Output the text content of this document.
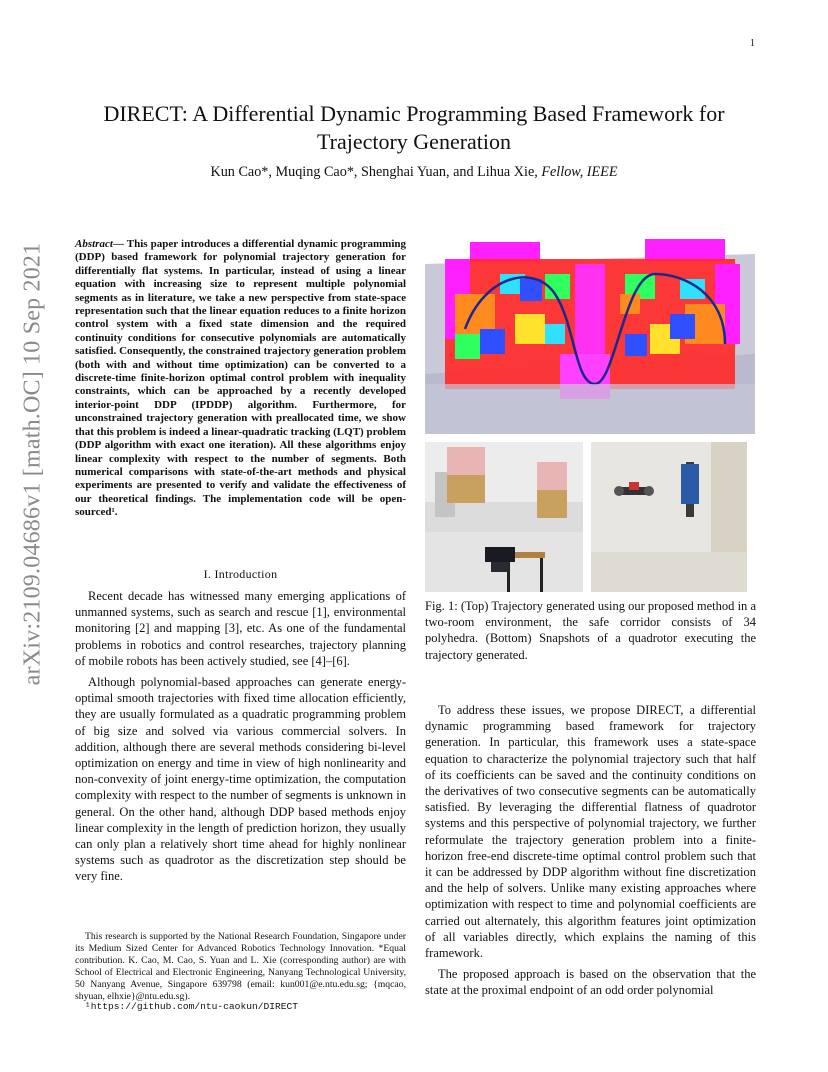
1
arXiv:2109.04686v1 [math.OC] 10 Sep 2021
DIRECT: A Differential Dynamic Programming Based Framework for
Trajectory Generation
Kun Cao*, Muqing Cao*, Shenghai Yuan, and Lihua Xie, Fellow, IEEE
Abstract— This paper introduces a differential dynamic programming (DDP) based framework for polynomial trajectory generation for differentially flat systems. In particular, instead of using a linear equation with increasing size to represent multiple polynomial segments as in literature, we take a new perspective from state-space representation such that the linear equation reduces to a finite horizon control system with a fixed state dimension and the required continuity conditions for consecutive polynomials are automatically satisfied. Consequently, the constrained trajectory generation problem (both with and without time optimization) can be converted to a discrete-time finite-horizon optimal control problem with inequality constraints, which can be approached by a recently developed interior-point DDP (IPDDP) algorithm. Furthermore, for unconstrained trajectory generation with preallocated time, we show that this problem is indeed a linear-quadratic tracking (LQT) problem (DDP algorithm with exact one iteration). All these algorithms enjoy linear complexity with respect to the number of segments. Both numerical comparisons with state-of-the-art methods and physical experiments are presented to verify and validate the effectiveness of our theoretical findings. The implementation code will be open-sourced¹.
I. Introduction

Recent decade has witnessed many emerging applications of unmanned systems, such as search and rescue [1], environmental monitoring [2] and mapping [3], etc. As one of the fundamental problems in robotics and control researches, trajectory planning of mobile robots has been actively studied, see [4]–[6].

Although polynomial-based approaches can generate energy-optimal smooth trajectories with fixed time allocation efficiently, they are usually formulated as a quadratic programming problem of big size and solved via various commercial solvers. In addition, although there are several methods considering bi-level optimization on energy and time in view of high nonlinearity and non-convexity of joint energy-time optimization, the computation complexity with respect to the number of segments is unknown in general. On the other hand, although DDP based methods enjoy linear complexity in the length of prediction horizon, they usually can only plan a relatively short time ahead for highly nonlinear systems such as quadrotor as the discretization step should be very fine.

This research is supported by the National Research Foundation, Singapore under its Medium Sized Center for Advanced Robotics Technology Innovation. *Equal contribution. K. Cao, M. Cao, S. Yuan and L. Xie (corresponding author) are with School of Electrical and Electronic Engineering, Nanyang Technological University, 50 Nanyang Avenue, Singapore 639798 (email: kun001@e.ntu.edu.sg; {mqcao, shyuan, elhxie}@ntu.edu.sg).

¹https://github.com/ntu-caokun/DIRECT
Fig. 1: (Top) Trajectory generated using our proposed method in a two-room environment, the safe corridor consists of 34 polyhedra. (Bottom) Snapshots of a quadrotor executing the trajectory generated.

To address these issues, we propose DIRECT, a differential dynamic programming based framework for trajectory generation. In particular, this framework uses a state-space equation to characterize the polynomial trajectory such that half of its coefficients can be saved and the continuity conditions on the derivatives of two consecutive segments can be automatically satisfied. By leveraging the differential flatness of quadrotor systems and this perspective of polynomial trajectory, we further reformulate the trajectory generation problem into a finite-horizon free-end discrete-time optimal control problem such that it can be addressed by DDP algorithm without fine discretization and the help of solvers. Unlike many existing approaches where optimization with respect to time and polynomial coefficients are carried out alternately, this algorithm features joint optimization of all variables directly, which explains the naming of this framework.

The proposed approach is based on the observation that the state at the proximal endpoint of an odd order polynomial
